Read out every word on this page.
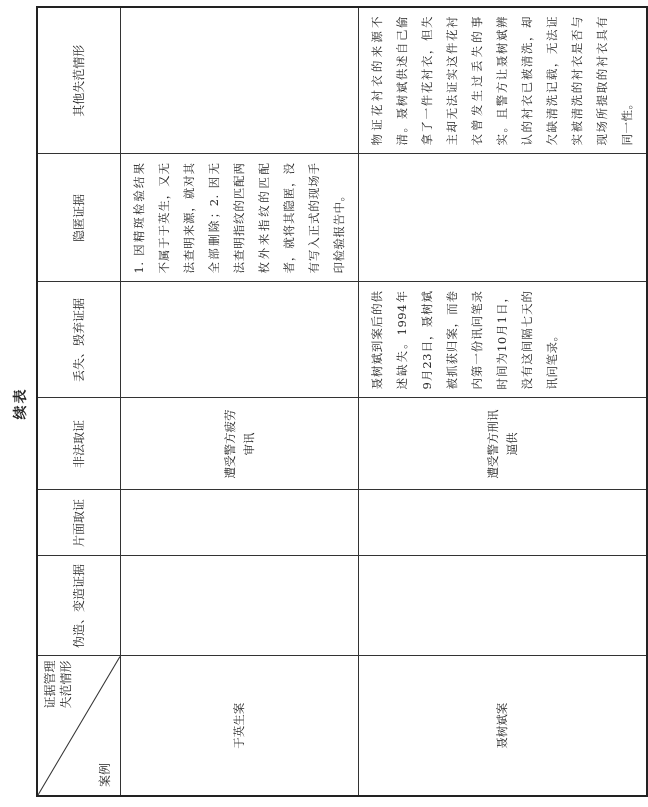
续表
证据管理 失范情形
案例	伪造、变造证据	片面取证	非法取证	丢失、毁弃证据	隐匿证据	其他失范情形
于英生案			遭受警方疲劳审讯		1. 因精斑检验结果不属于于英生，又无法查明来源，就对其全部删除；2. 因无法查明指纹的匹配两枚外来指纹的匹配者，就将其隐匿，没有写入正式的现场手印检验报告中。	
聂树斌案			遭受警方刑讯逼供	聂树斌到案后的供述缺失。1994年9月23日，聂树斌被抓获归案，而卷内第一份讯问笔录时间为10月1日，没有这间隔七天的讯问笔录。		物证花衬衣的来源不清。聂树斌供述自己偷拿了一件花衬衣，但失主却无法证实这件花衬衣曾发生过丢失的事实。且警方让聂树斌辨认的衬衣已被清洗，却欠缺清洗记载，无法证实被清洗的衬衣是否与现场所提取的衬衣具有同一性。
